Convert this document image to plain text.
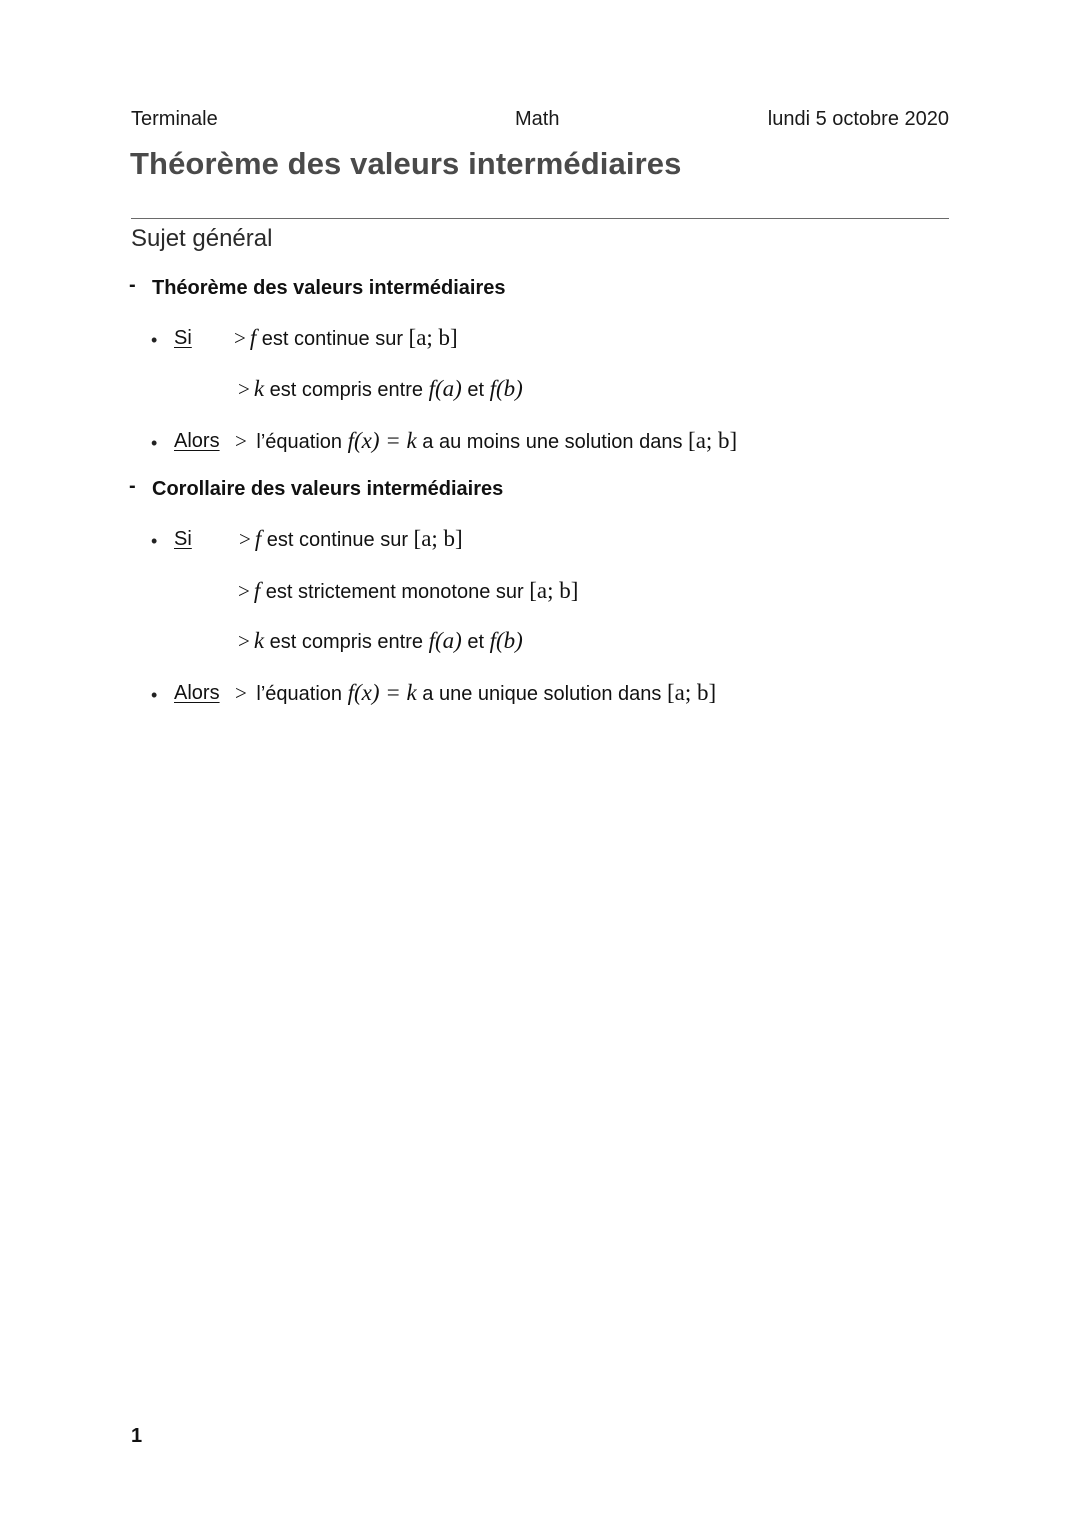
Terminale	Math	lundi 5 octobre 2020
Théorème des valeurs intermédiaires
Sujet général
- Théorème des valeurs intermédiaires
• Si > f est continue sur [a; b]
> k est compris entre f(a) et f(b)
• Alors > l’équation f(x) = k a au moins une solution dans [a; b]
- Corollaire des valeurs intermédiaires
• Si > f est continue sur [a; b]
> f est strictement monotone sur [a; b]
> k est compris entre f(a) et f(b)
• Alors > l’équation f(x) = k a une unique solution dans [a; b]
1
